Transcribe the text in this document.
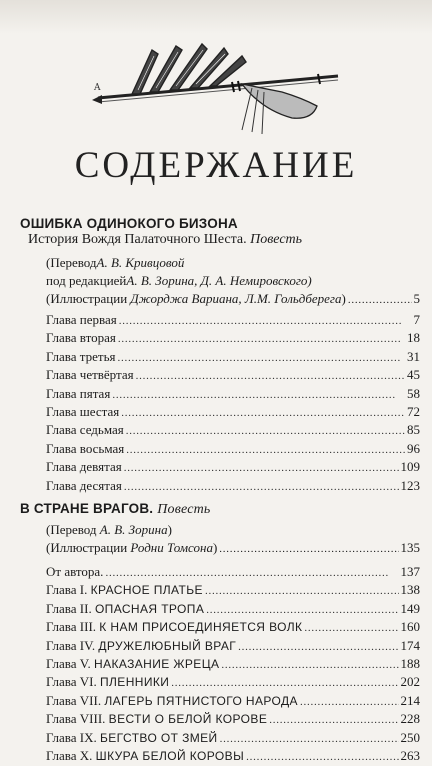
A
СОДЕРЖАНИЕ
ОШИБКА ОДИНОКОГО БИЗОНА
История Вождя Палаточного Шеста. Повесть
(Перевод А. В. Кривцовой
под редакцией А. В. Зорина, Д. А. Немировского)
(Иллюстрации Джорджа Вариана, Л.М. Гольдберега) . . .	5
Глава первая . . .	7
Глава вторая . . .	18
Глава третья . . .	31
Глава четвёртая . . .	45
Глава пятая . . .	58
Глава шестая . . .	72
Глава седьмая . . .	85
Глава восьмая . . .	96
Глава девятая . . .	109
Глава десятая . . .	123
В СТРАНЕ ВРАГОВ. Повесть
(Перевод А. В. Зорина)
(Иллюстрации Родни Томсона) . . .	135
От автора. . . .	137
Глава I. КРАСНОЕ ПЛАТЬЕ . . .	138
Глава II. ОПАСНАЯ ТРОПА . . .	149
Глава III. К НАМ ПРИСОЕДИНЯЕТСЯ ВОЛК . . .	160
Глава IV. ДРУЖЕЛЮБНЫЙ ВРАГ . . .	174
Глава V. НАКАЗАНИЕ ЖРЕЦА . . .	188
Глава VI. ПЛЕННИКИ . . .	202
Глава VII. ЛАГЕРЬ ПЯТНИСТОГО НАРОДА . . .	214
Глава VIII. ВЕСТИ О БЕЛОЙ КОРОВЕ . . .	228
Глава IX. БЕГСТВО ОТ ЗМЕЙ . . .	250
Глава X. ШКУРА БЕЛОЙ КОРОВЫ . . .	263
